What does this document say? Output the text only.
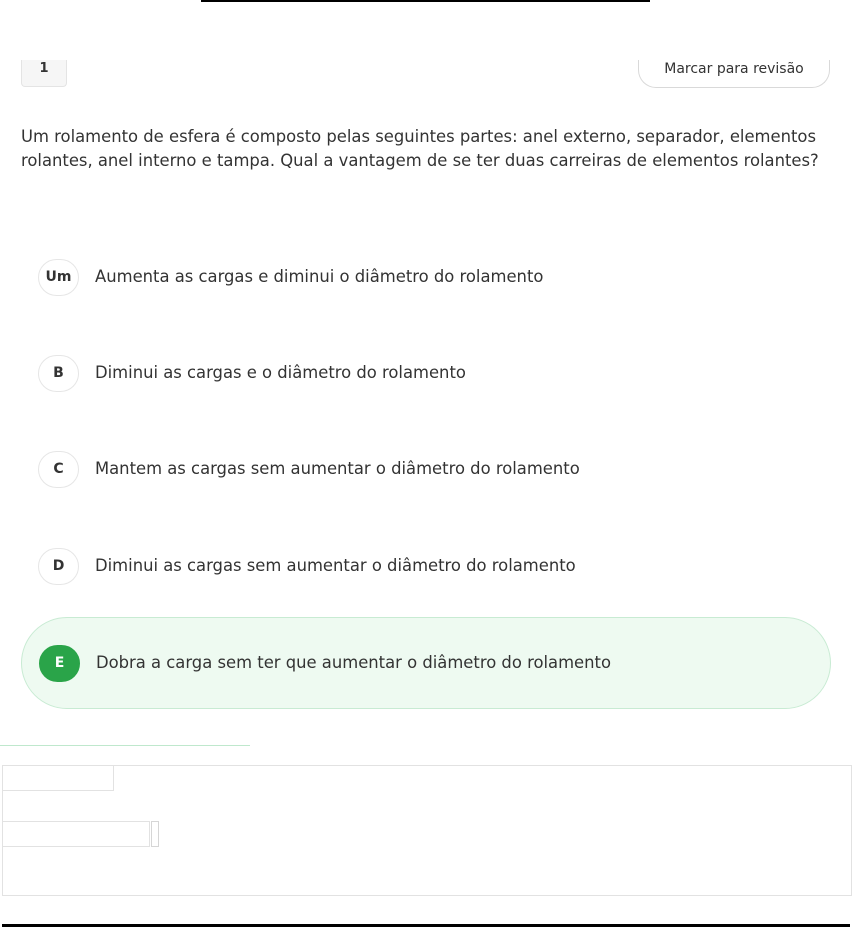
1	Marcar para revisão

Um rolamento de esfera é composto pelas seguintes partes: anel externo, separador, elementos rolantes, anel interno e tampa. Qual a vantagem de se ter duas carreiras de elementos rolantes?

Um	Aumenta as cargas e diminui o diâmetro do rolamento
B	Diminui as cargas e o diâmetro do rolamento
C	Mantem as cargas sem aumentar o diâmetro do rolamento
D	Diminui as cargas sem aumentar o diâmetro do rolamento
E	Dobra a carga sem ter que aumentar o diâmetro do rolamento
